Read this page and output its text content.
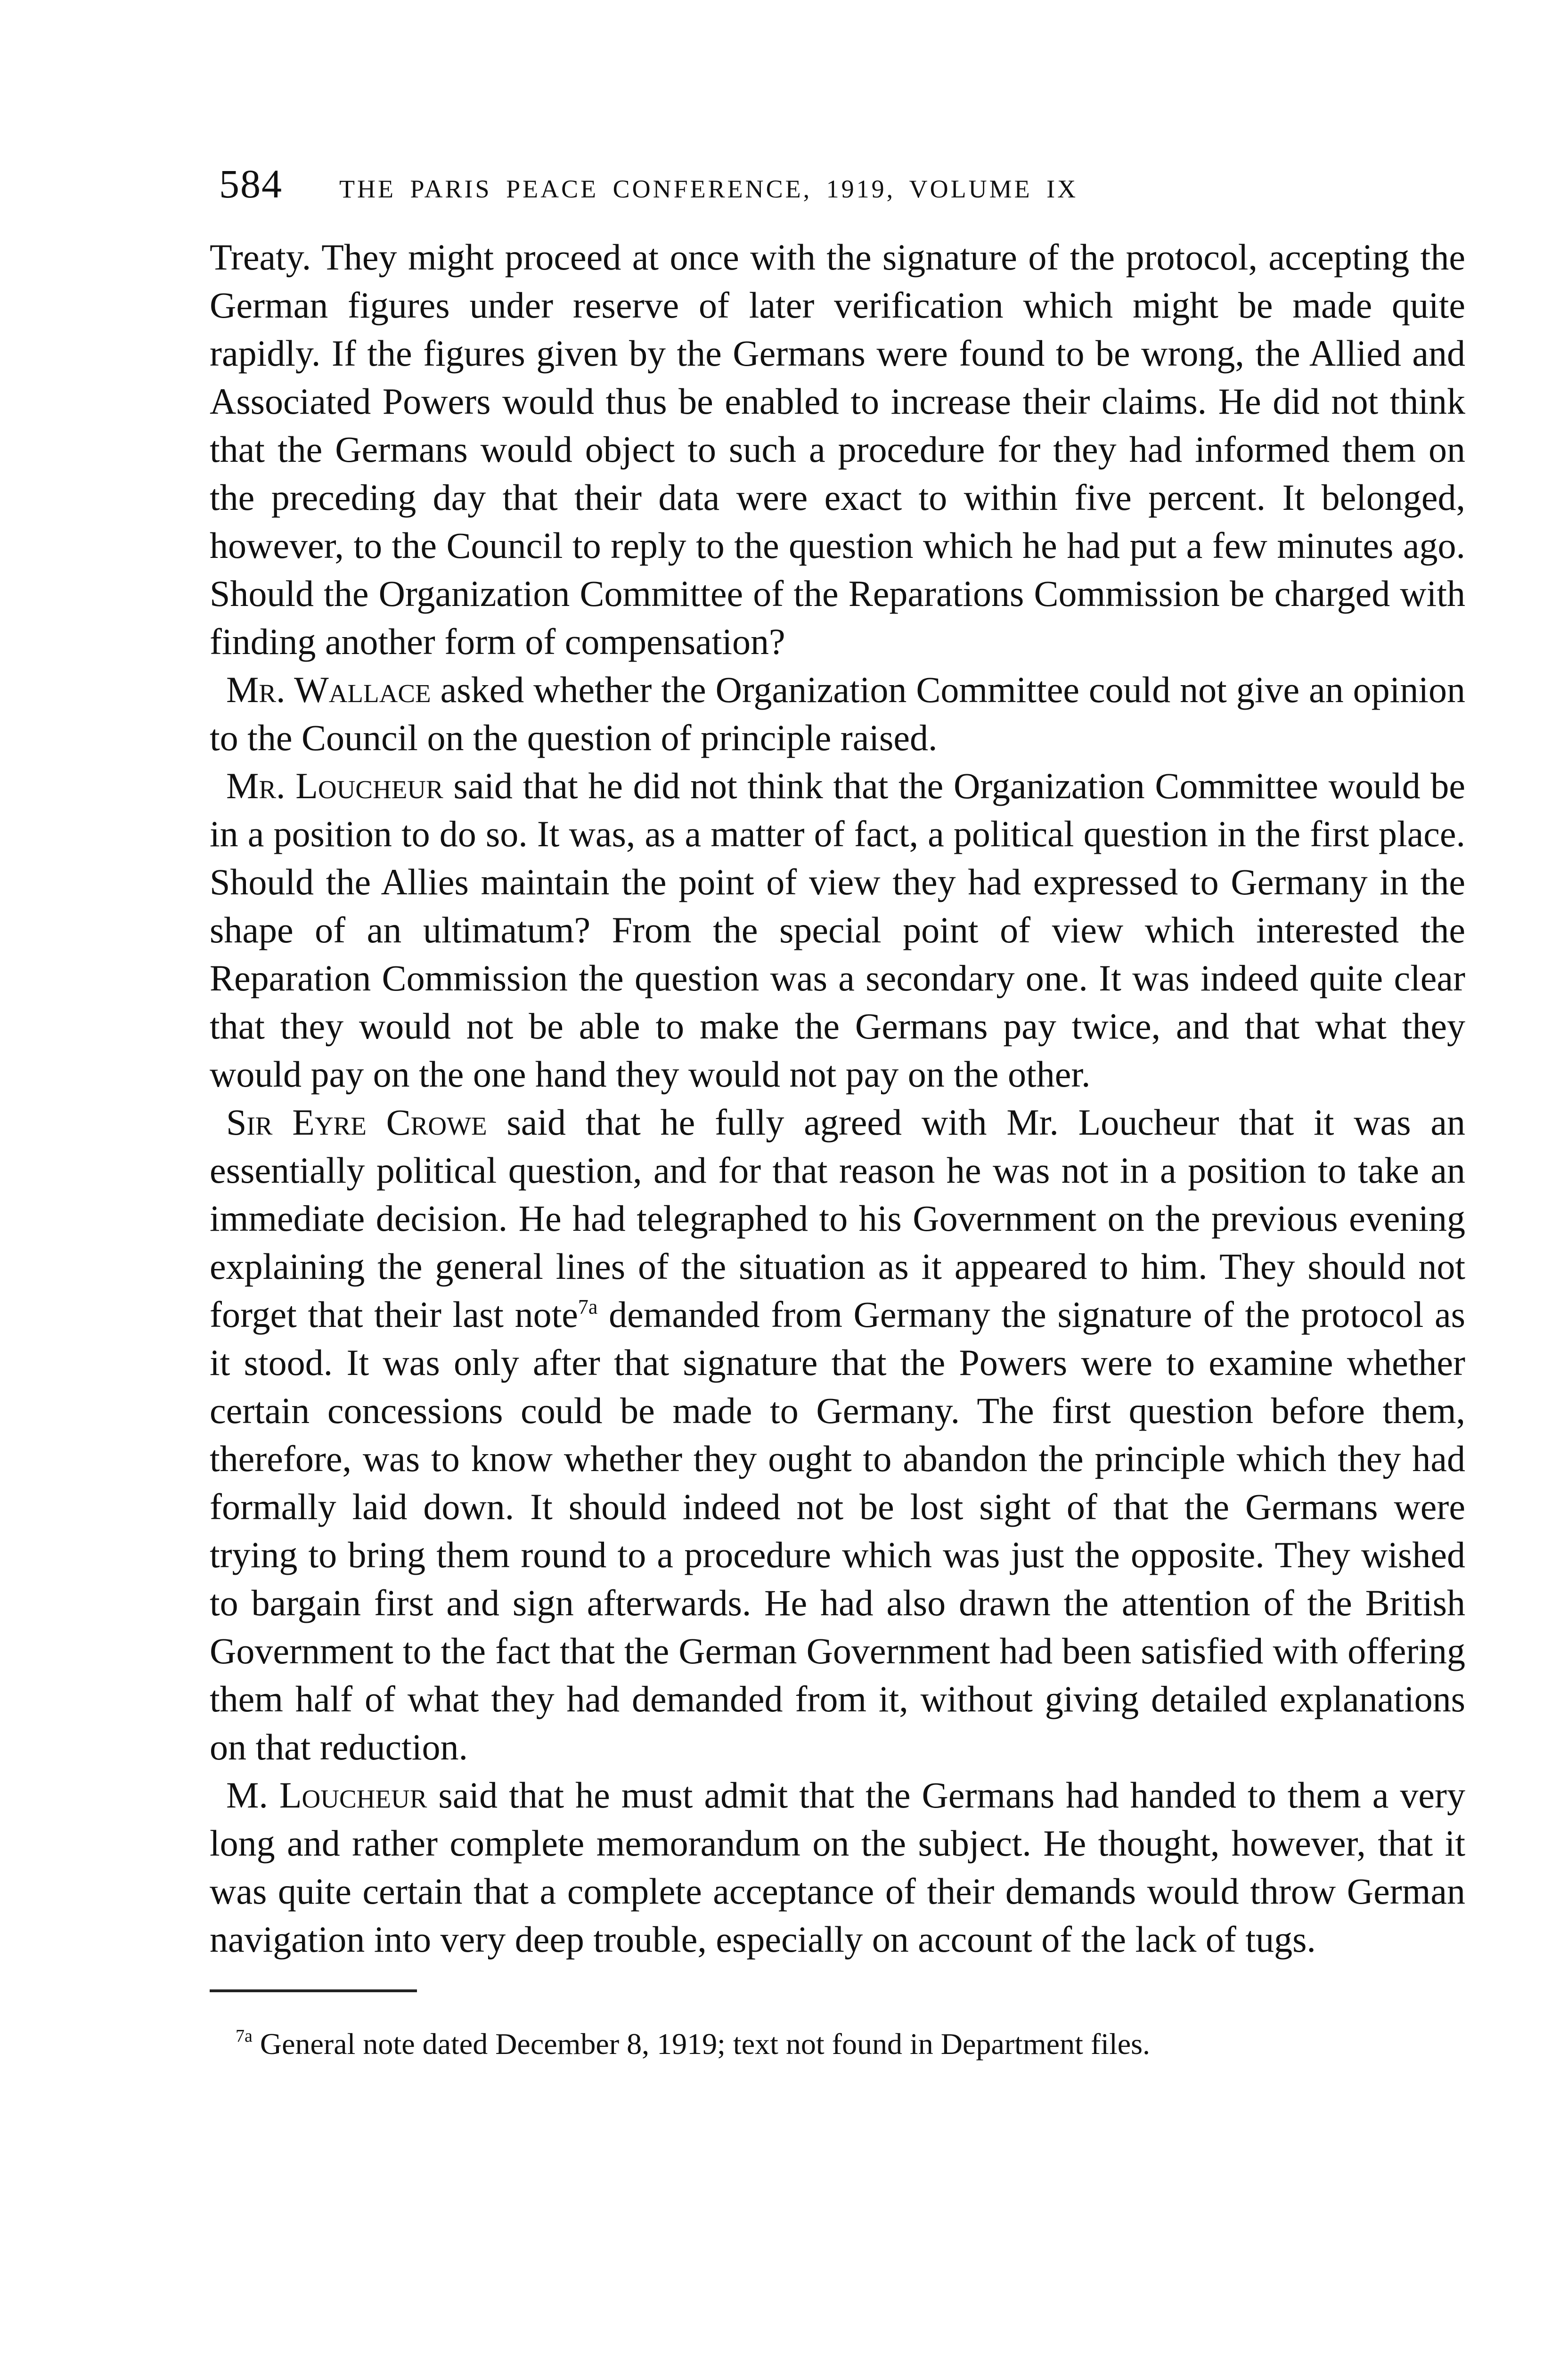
584 THE PARIS PEACE CONFERENCE, 1919, VOLUME IX

Treaty. They might proceed at once with the signature of the protocol, accepting the German figures under reserve of later verification which might be made quite rapidly. If the figures given by the Germans were found to be wrong, the Allied and Associated Powers would thus be enabled to increase their claims. He did not think that the Germans would object to such a procedure for they had informed them on the preceding day that their data were exact to within five percent. It belonged, however, to the Council to reply to the question which he had put a few minutes ago. Should the Organization Committee of the Reparations Commission be charged with finding another form of compensation?

Mr. Wallace asked whether the Organization Committee could not give an opinion to the Council on the question of principle raised.

Mr. Loucheur said that he did not think that the Organization Committee would be in a position to do so. It was, as a matter of fact, a political question in the first place. Should the Allies maintain the point of view they had expressed to Germany in the shape of an ultimatum? From the special point of view which interested the Reparation Commission the question was a secondary one. It was indeed quite clear that they would not be able to make the Germans pay twice, and that what they would pay on the one hand they would not pay on the other.

Sir Eyre Crowe said that he fully agreed with Mr. Loucheur that it was an essentially political question, and for that reason he was not in a position to take an immediate decision. He had telegraphed to his Government on the previous evening explaining the general lines of the situation as it appeared to him. They should not forget that their last note$^{7a}$ demanded from Germany the signature of the protocol as it stood. It was only after that signature that the Powers were to examine whether certain concessions could be made to Germany. The first question before them, therefore, was to know whether they ought to abandon the principle which they had formally laid down. It should indeed not be lost sight of that the Germans were trying to bring them round to a procedure which was just the opposite. They wished to bargain first and sign afterwards. He had also drawn the attention of the British Government to the fact that the German Government had been satisfied with offering them half of what they had demanded from it, without giving detailed explanations on that reduction.

M. Loucheur said that he must admit that the Germans had handed to them a very long and rather complete memorandum on the subject. He thought, however, that it was quite certain that a complete acceptance of their demands would throw German navigation into very deep trouble, especially on account of the lack of tugs.

$^{7a}$ General note dated December 8, 1919; text not found in Department files.
